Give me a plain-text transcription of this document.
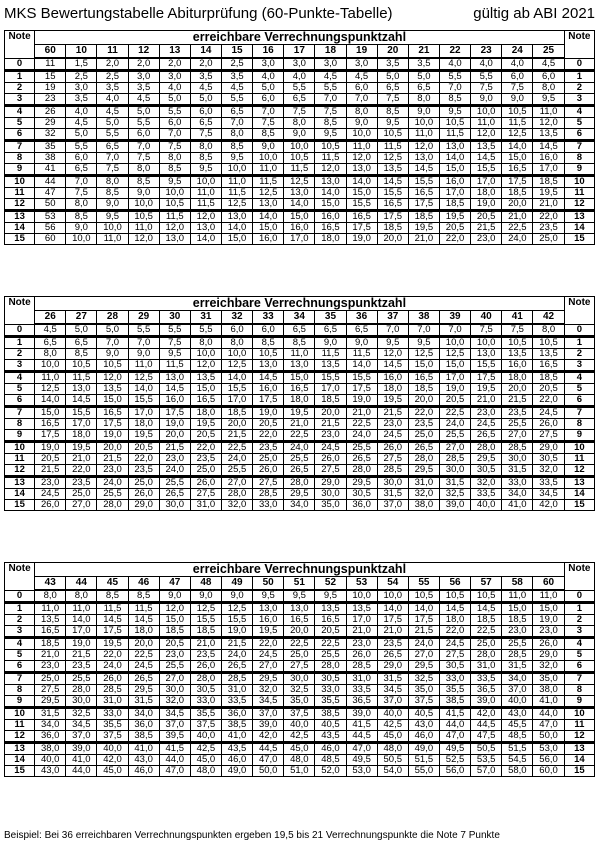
MKS Bewertungstabelle Abiturprüfung (60-Punkte-Tabelle)	gültig ab ABI 2021
Note	erreichbare Verrechnungspunktzahl																	Note
	60	10	11	12	13	14	15	16	17	18	19	20	21	22	23	24	25	
0	11	1,5	2,0	2,0	2,0	2,0	2,5	3,0	3,0	3,0	3,0	3,5	3,5	4,0	4,0	4,0	4,5	0
1	15	2,5	2,5	3,0	3,0	3,5	3,5	4,0	4,0	4,5	4,5	5,0	5,0	5,5	5,5	6,0	6,0	1
2	19	3,0	3,5	3,5	4,0	4,5	4,5	5,0	5,5	5,5	6,0	6,5	6,5	7,0	7,5	7,5	8,0	2
3	23	3,5	4,0	4,5	5,0	5,0	5,5	6,0	6,5	7,0	7,0	7,5	8,0	8,5	9,0	9,0	9,5	3
4	26	4,0	4,5	5,0	5,5	6,0	6,5	7,0	7,5	7,5	8,0	8,5	9,0	9,5	10,0	10,5	11,0	4
5	29	4,5	5,0	5,5	6,0	6,5	7,0	7,5	8,0	8,5	9,0	9,5	10,0	10,5	11,0	11,5	12,0	5
6	32	5,0	5,5	6,0	7,0	7,5	8,0	8,5	9,0	9,5	10,0	10,5	11,0	11,5	12,0	12,5	13,5	6
7	35	5,5	6,5	7,0	7,5	8,0	8,5	9,0	10,0	10,5	11,0	11,5	12,0	13,0	13,5	14,0	14,5	7
8	38	6,0	7,0	7,5	8,0	8,5	9,5	10,0	10,5	11,5	12,0	12,5	13,0	14,0	14,5	15,0	16,0	8
9	41	6,5	7,5	8,0	8,5	9,5	10,0	11,0	11,5	12,0	13,0	13,5	14,5	15,0	15,5	16,5	17,0	9
10	44	7,0	8,0	8,5	9,5	10,0	11,0	11,5	12,5	13,0	14,0	14,5	15,5	16,0	17,0	17,5	18,5	10
11	47	7,5	8,5	9,0	10,0	11,0	11,5	12,5	13,0	14,0	15,0	15,5	16,5	17,0	18,0	18,5	19,5	11
12	50	8,0	9,0	10,0	10,5	11,5	12,5	13,0	14,0	15,0	15,5	16,5	17,5	18,5	19,0	20,0	21,0	12
13	53	8,5	9,5	10,5	11,5	12,0	13,0	14,0	15,0	16,0	16,5	17,5	18,5	19,5	20,5	21,0	22,0	13
14	56	9,0	10,0	11,0	12,0	13,0	14,0	15,0	16,0	16,5	17,5	18,5	19,5	20,5	21,5	22,5	23,5	14
15	60	10,0	11,0	12,0	13,0	14,0	15,0	16,0	17,0	18,0	19,0	20,0	21,0	22,0	23,0	24,0	25,0	15
Note	erreichbare Verrechnungspunktzahl																	Note
	26	27	28	29	30	31	32	33	34	35	36	37	38	39	40	41	42	
0	4,5	5,0	5,0	5,5	5,5	5,5	6,0	6,0	6,5	6,5	6,5	7,0	7,0	7,0	7,5	7,5	8,0	0
1	6,5	6,5	7,0	7,0	7,5	8,0	8,0	8,5	8,5	9,0	9,0	9,5	9,5	10,0	10,0	10,5	10,5	1
2	8,0	8,5	9,0	9,0	9,5	10,0	10,0	10,5	11,0	11,5	11,5	12,0	12,5	12,5	13,0	13,5	13,5	2
3	10,0	10,5	10,5	11,0	11,5	12,0	12,5	13,0	13,0	13,5	14,0	14,5	15,0	15,0	15,5	16,0	16,5	3
4	11,0	11,5	12,0	12,5	13,0	13,5	14,0	14,5	15,0	15,5	15,5	16,0	16,5	17,0	17,5	18,0	18,5	4
5	12,5	13,0	13,5	14,0	14,5	15,0	15,5	16,0	16,5	17,0	17,5	18,0	18,5	19,0	19,5	20,0	20,5	5
6	14,0	14,5	15,0	15,5	16,0	16,5	17,0	17,5	18,0	18,5	19,0	19,5	20,0	20,5	21,0	21,5	22,0	6
7	15,0	15,5	16,5	17,0	17,5	18,0	18,5	19,0	19,5	20,0	21,0	21,5	22,0	22,5	23,0	23,5	24,5	7
8	16,5	17,0	17,5	18,0	19,0	19,5	20,0	20,5	21,0	21,5	22,5	23,0	23,5	24,0	24,5	25,5	26,0	8
9	17,5	18,0	19,0	19,5	20,0	20,5	21,5	22,0	22,5	23,0	24,0	24,5	25,0	25,5	26,5	27,0	27,5	9
10	19,0	19,5	20,0	20,5	21,5	22,0	22,5	23,5	24,0	24,5	25,5	26,0	26,5	27,0	28,0	28,5	29,0	10
11	20,5	21,0	21,5	22,0	23,0	23,5	24,0	25,0	25,5	26,0	26,5	27,5	28,0	28,5	29,5	30,0	30,5	11
12	21,5	22,0	23,0	23,5	24,0	25,0	25,5	26,0	26,5	27,5	28,0	28,5	29,5	30,0	30,5	31,5	32,0	12
13	23,0	23,5	24,0	25,0	25,5	26,0	27,0	27,5	28,0	29,0	29,5	30,0	31,0	31,5	32,0	33,0	33,5	13
14	24,5	25,0	25,5	26,0	26,5	27,5	28,0	28,5	29,5	30,0	30,5	31,5	32,0	32,5	33,5	34,0	34,5	14
15	26,0	27,0	28,0	29,0	30,0	31,0	32,0	33,0	34,0	35,0	36,0	37,0	38,0	39,0	40,0	41,0	42,0	15
Note	erreichbare Verrechnungspunktzahl																	Note
	43	44	45	46	47	48	49	50	51	52	53	54	55	56	57	58	60	
0	8,0	8,0	8,5	8,5	9,0	9,0	9,0	9,5	9,5	9,5	10,0	10,0	10,5	10,5	10,5	11,0	11,0	0
1	11,0	11,0	11,5	11,5	12,0	12,5	12,5	13,0	13,0	13,5	13,5	14,0	14,0	14,5	14,5	15,0	15,0	1
2	13,5	14,0	14,5	14,5	15,0	15,5	15,5	16,0	16,5	16,5	17,0	17,5	17,5	18,0	18,5	18,5	19,0	2
3	16,5	17,0	17,5	18,0	18,5	18,5	19,0	19,5	20,0	20,5	21,0	21,0	21,5	22,0	22,5	23,0	23,0	3
4	18,5	19,0	19,5	20,0	20,5	21,0	21,5	22,0	22,5	22,5	23,0	23,5	24,0	24,5	25,0	25,5	26,0	4
5	21,0	21,5	22,0	22,5	23,0	23,5	24,0	24,5	25,0	25,5	26,0	26,5	27,0	27,5	28,0	28,5	29,0	5
6	23,0	23,5	24,0	24,5	25,5	26,0	26,5	27,0	27,5	28,0	28,5	29,0	29,5	30,5	31,0	31,5	32,0	6
7	25,0	25,5	26,0	26,5	27,0	28,0	28,5	29,5	30,0	30,5	31,0	31,5	32,5	33,0	33,5	34,0	35,0	7
8	27,5	28,0	28,5	29,5	30,0	30,5	31,0	32,0	32,5	33,0	33,5	34,5	35,0	35,5	36,5	37,0	38,0	8
9	29,5	30,0	31,0	31,5	32,0	33,0	33,5	34,5	35,0	35,5	36,5	37,0	37,5	38,5	39,0	40,0	41,0	9
10	31,5	32,5	33,0	34,0	34,5	35,5	36,0	37,0	37,5	38,5	39,0	40,0	40,5	41,5	42,0	43,0	44,0	10
11	34,0	34,5	35,5	36,0	37,0	37,5	38,5	39,0	40,0	40,5	41,5	42,5	43,0	44,0	44,5	45,5	47,0	11
12	36,0	37,0	37,5	38,5	39,5	40,0	41,0	42,0	42,5	43,5	44,5	45,0	46,0	47,0	47,5	48,5	50,0	12
13	38,0	39,0	40,0	41,0	41,5	42,5	43,5	44,5	45,0	46,0	47,0	48,0	49,0	49,5	50,5	51,5	53,0	13
14	40,0	41,0	42,0	43,0	44,0	45,0	46,0	47,0	48,0	48,5	49,5	50,5	51,5	52,5	53,5	54,5	56,0	14
15	43,0	44,0	45,0	46,0	47,0	48,0	49,0	50,0	51,0	52,0	53,0	54,0	55,0	56,0	57,0	58,0	60,0	15
Beispiel: Bei 36 erreichbaren Verrechnungspunkten ergeben 19,5 bis 21 Verrechnungspunkte die Note 7 Punkte
